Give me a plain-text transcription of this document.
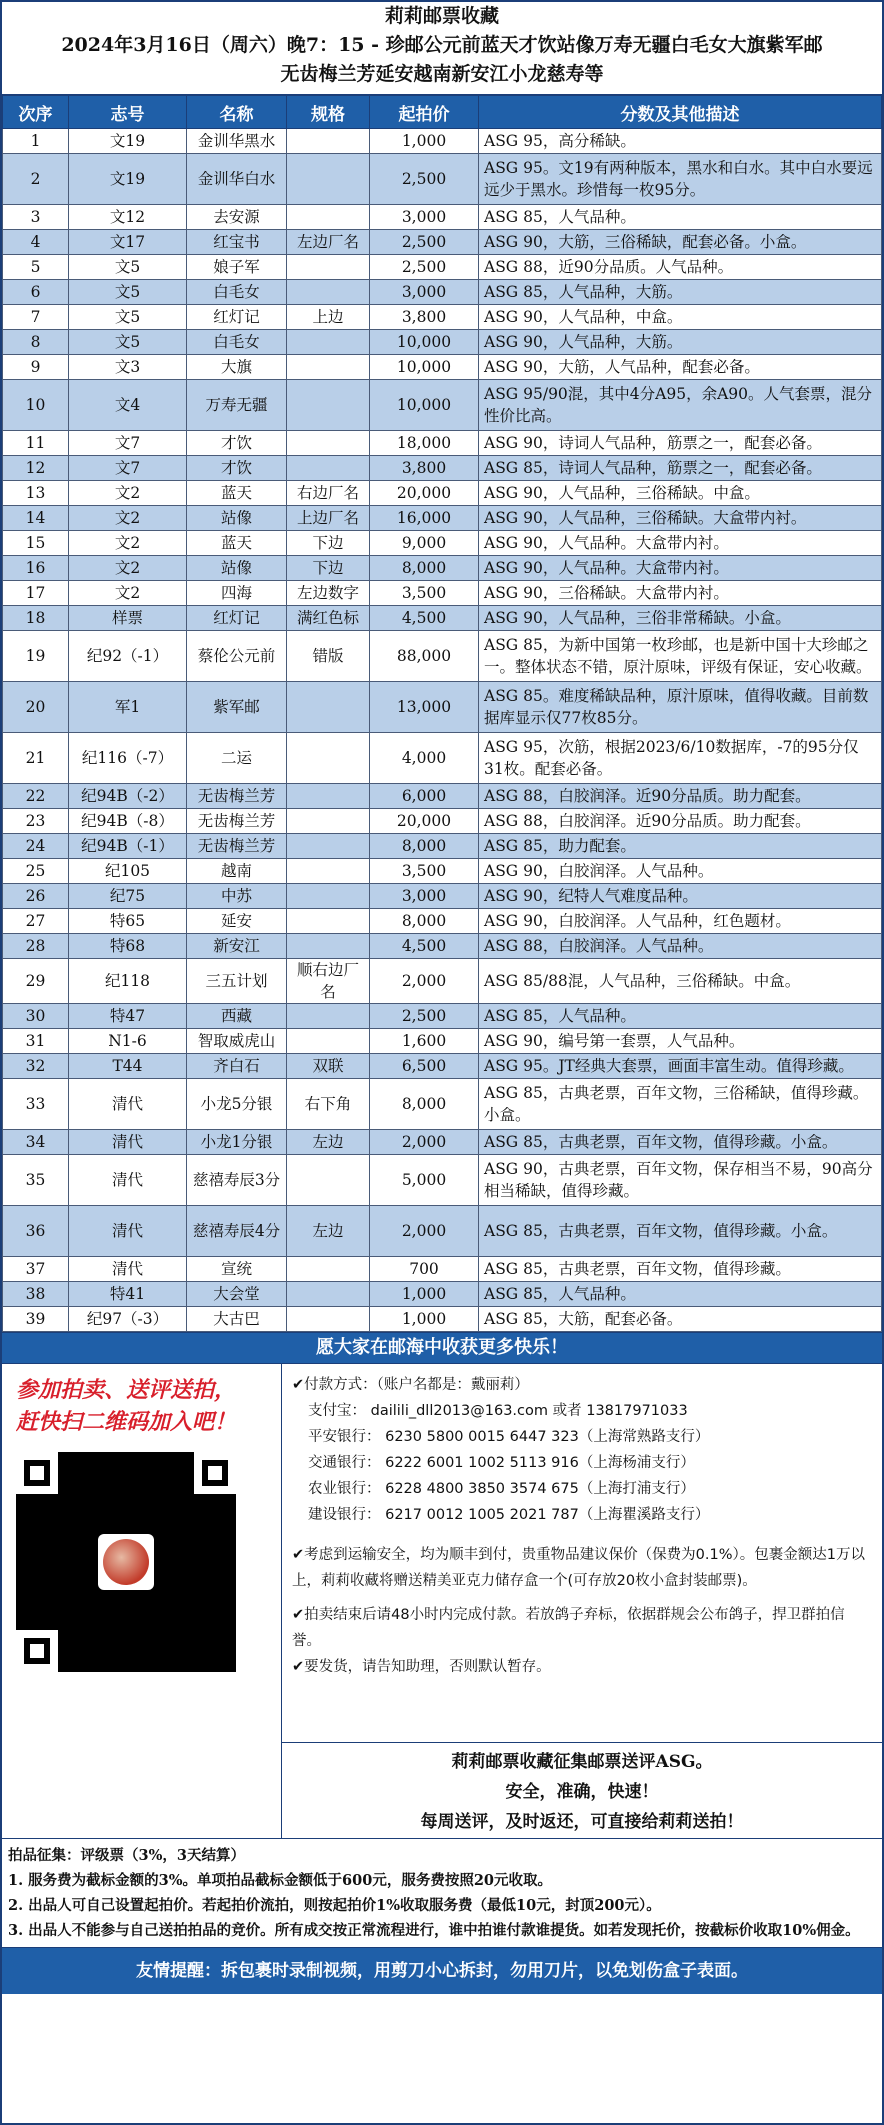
莉莉邮票收藏
2024年3月16日（周六）晚7：15 - 珍邮公元前蓝天才饮站像万寿无疆白毛女大旗紫军邮
无齿梅兰芳延安越南新安江小龙慈寿等
次序	志号	名称	规格	起拍价	分数及其他描述
1	文19	金训华黑水		1,000	ASG 95，高分稀缺。
2	文19	金训华白水		2,500	ASG 95。文19有两种版本，黑水和白水。其中白水要远远少于黑水。珍惜每一枚95分。
3	文12	去安源		3,000	ASG 85，人气品种。
4	文17	红宝书	左边厂名	2,500	ASG 90，大筋，三俗稀缺，配套必备。小盒。
5	文5	娘子军		2,500	ASG 88，近90分品质。人气品种。
6	文5	白毛女		3,000	ASG 85，人气品种，大筋。
7	文5	红灯记	上边	3,800	ASG 90，人气品种，中盒。
8	文5	白毛女		10,000	ASG 90，人气品种，大筋。
9	文3	大旗		10,000	ASG 90，大筋，人气品种，配套必备。
10	文4	万寿无疆		10,000	ASG 95/90混，其中4分A95，余A90。人气套票，混分性价比高。
11	文7	才饮		18,000	ASG 90，诗词人气品种，筋票之一，配套必备。
12	文7	才饮		3,800	ASG 85，诗词人气品种，筋票之一，配套必备。
13	文2	蓝天	右边厂名	20,000	ASG 90，人气品种，三俗稀缺。中盒。
14	文2	站像	上边厂名	16,000	ASG 90，人气品种，三俗稀缺。大盒带内衬。
15	文2	蓝天	下边	9,000	ASG 90，人气品种。大盒带内衬。
16	文2	站像	下边	8,000	ASG 90，人气品种。大盒带内衬。
17	文2	四海	左边数字	3,500	ASG 90，三俗稀缺。大盒带内衬。
18	样票	红灯记	满红色标	4,500	ASG 90，人气品种，三俗非常稀缺。小盒。
19	纪92（-1）	蔡伦公元前	错版	88,000	ASG 85，为新中国第一枚珍邮，也是新中国十大珍邮之一。整体状态不错，原汁原味，评级有保证，安心收藏。
20	军1	紫军邮		13,000	ASG 85。难度稀缺品种，原汁原味，值得收藏。目前数据库显示仅77枚85分。
21	纪116（-7）	二运		4,000	ASG 95，次筋，根据2023/6/10数据库，-7的95分仅31枚。配套必备。
22	纪94B（-2）	无齿梅兰芳		6,000	ASG 88，白胶润泽。近90分品质。助力配套。
23	纪94B（-8）	无齿梅兰芳		20,000	ASG 88，白胶润泽。近90分品质。助力配套。
24	纪94B（-1）	无齿梅兰芳		8,000	ASG 85，助力配套。
25	纪105	越南		3,500	ASG 90，白胶润泽。人气品种。
26	纪75	中苏		3,000	ASG 90，纪特人气难度品种。
27	特65	延安		8,000	ASG 90，白胶润泽。人气品种，红色题材。
28	特68	新安江		4,500	ASG 88，白胶润泽。人气品种。
29	纪118	三五计划	顺右边厂名	2,000	ASG 85/88混，人气品种，三俗稀缺。中盒。
30	特47	西藏		2,500	ASG 85，人气品种。
31	N1-6	智取威虎山		1,600	ASG 90，编号第一套票，人气品种。
32	T44	齐白石	双联	6,500	ASG 95。JT经典大套票，画面丰富生动。值得珍藏。
33	清代	小龙5分银	右下角	8,000	ASG 85，古典老票，百年文物，三俗稀缺，值得珍藏。小盒。
34	清代	小龙1分银	左边	2,000	ASG 85，古典老票，百年文物，值得珍藏。小盒。
35	清代	慈禧寿辰3分		5,000	ASG 90，古典老票，百年文物，保存相当不易，90高分相当稀缺，值得珍藏。
36	清代	慈禧寿辰4分	左边	2,000	ASG 85，古典老票，百年文物，值得珍藏。小盒。
37	清代	宣统		700	ASG 85，古典老票，百年文物，值得珍藏。
38	特41	大会堂		1,000	ASG 85，人气品种。
39	纪97（-3）	大古巴		1,000	ASG 85，大筋，配套必备。
愿大家在邮海中收获更多快乐！
参加拍卖、送评送拍，
赶快扫二维码加入吧！

✔付款方式：（账户名都是：戴丽莉）

支付宝： dailili_dll2013@163.com 或者 13817971033

平安银行： 6230 5800 0015 6447 323（上海常熟路支行）

交通银行： 6222 6001 1002 5113 916（上海杨浦支行）

农业银行： 6228 4800 3850 3574 675（上海打浦支行）

建设银行： 6217 0012 1005 2021 787（上海瞿溪路支行）

✔考虑到运输安全，均为顺丰到付，贵重物品建议保价（保费为0.1%）。包裹金额达1万以上，莉莉收藏将赠送精美亚克力储存盒一个(可存放20枚小盒封装邮票)。

✔拍卖结束后请48小时内完成付款。若放鸽子弃标，依据群规会公布鸽子，捍卫群拍信誉。

✔要发货，请告知助理，否则默认暂存。

莉莉邮票收藏征集邮票送评ASG。
安全，准确，快速！
每周送评，及时返还，可直接给莉莉送拍！

拍品征集：评级票（3%，3天结算）

1. 服务费为截标金额的3%。单项拍品截标金额低于600元，服务费按照20元收取。

2. 出品人可自己设置起拍价。若起拍价流拍，则按起拍价1%收取服务费（最低10元，封顶200元）。

3. 出品人不能参与自己送拍拍品的竞价。所有成交按正常流程进行，谁中拍谁付款谁提货。如若发现托价，按截标价收取10%佣金。

友情提醒：拆包裹时录制视频，用剪刀小心拆封，勿用刀片，以免划伤盒子表面。
